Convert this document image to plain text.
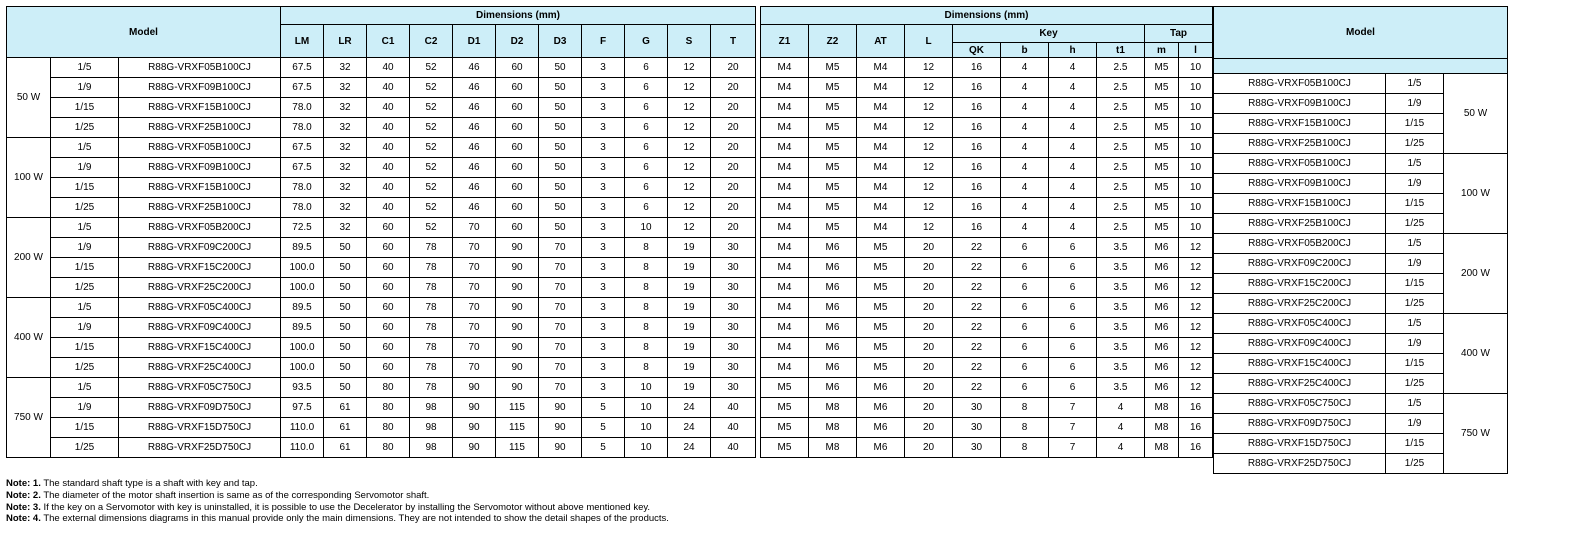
Model			Dimensions (mm)										
			LM	LR	C1	C2	D1	D2	D3	F	G	S	T
50 W	1/5	R88G-VRXF05B100CJ	67.5	32	40	52	46	60	50	3	6	12	20
	1/9	R88G-VRXF09B100CJ	67.5	32	40	52	46	60	50	3	6	12	20
	1/15	R88G-VRXF15B100CJ	78.0	32	40	52	46	60	50	3	6	12	20
	1/25	R88G-VRXF25B100CJ	78.0	32	40	52	46	60	50	3	6	12	20
100 W	1/5	R88G-VRXF05B100CJ	67.5	32	40	52	46	60	50	3	6	12	20
	1/9	R88G-VRXF09B100CJ	67.5	32	40	52	46	60	50	3	6	12	20
	1/15	R88G-VRXF15B100CJ	78.0	32	40	52	46	60	50	3	6	12	20
	1/25	R88G-VRXF25B100CJ	78.0	32	40	52	46	60	50	3	6	12	20
200 W	1/5	R88G-VRXF05B200CJ	72.5	32	60	52	70	60	50	3	10	12	20
	1/9	R88G-VRXF09C200CJ	89.5	50	60	78	70	90	70	3	8	19	30
	1/15	R88G-VRXF15C200CJ	100.0	50	60	78	70	90	70	3	8	19	30
	1/25	R88G-VRXF25C200CJ	100.0	50	60	78	70	90	70	3	8	19	30
400 W	1/5	R88G-VRXF05C400CJ	89.5	50	60	78	70	90	70	3	8	19	30
	1/9	R88G-VRXF09C400CJ	89.5	50	60	78	70	90	70	3	8	19	30
	1/15	R88G-VRXF15C400CJ	100.0	50	60	78	70	90	70	3	8	19	30
	1/25	R88G-VRXF25C400CJ	100.0	50	60	78	70	90	70	3	8	19	30
750 W	1/5	R88G-VRXF05C750CJ	93.5	50	80	78	90	90	70	3	10	19	30
	1/9	R88G-VRXF09D750CJ	97.5	61	80	98	90	115	90	5	10	24	40
	1/15	R88G-VRXF15D750CJ	110.0	61	80	98	90	115	90	5	10	24	40
	1/25	R88G-VRXF25D750CJ	110.0	61	80	98	90	115	90	5	10	24	40
Dimensions (mm)									
Z1	Z2	AT	L	Key				Tap	
				QK	b	h	t1	m	l
M4	M5	M4	12	16	4	4	2.5	M5	10
M4	M5	M4	12	16	4	4	2.5	M5	10
M4	M5	M4	12	16	4	4	2.5	M5	10
M4	M5	M4	12	16	4	4	2.5	M5	10
M4	M5	M4	12	16	4	4	2.5	M5	10
M4	M5	M4	12	16	4	4	2.5	M5	10
M4	M5	M4	12	16	4	4	2.5	M5	10
M4	M5	M4	12	16	4	4	2.5	M5	10
M4	M5	M4	12	16	4	4	2.5	M5	10
M4	M6	M5	20	22	6	6	3.5	M6	12
M4	M6	M5	20	22	6	6	3.5	M6	12
M4	M6	M5	20	22	6	6	3.5	M6	12
M4	M6	M5	20	22	6	6	3.5	M6	12
M4	M6	M5	20	22	6	6	3.5	M6	12
M4	M6	M5	20	22	6	6	3.5	M6	12
M4	M6	M5	20	22	6	6	3.5	M6	12
M5	M6	M6	20	22	6	6	3.5	M6	12
M5	M8	M6	20	30	8	7	4	M8	16
M5	M8	M6	20	30	8	7	4	M8	16
M5	M8	M6	20	30	8	7	4	M8	16
Model		

R88G-VRXF05B100CJ	1/5	50 W
R88G-VRXF09B100CJ	1/9	
R88G-VRXF15B100CJ	1/15	
R88G-VRXF25B100CJ	1/25	
R88G-VRXF05B100CJ	1/5	100 W
R88G-VRXF09B100CJ	1/9	
R88G-VRXF15B100CJ	1/15	
R88G-VRXF25B100CJ	1/25	
R88G-VRXF05B200CJ	1/5	200 W
R88G-VRXF09C200CJ	1/9	
R88G-VRXF15C200CJ	1/15	
R88G-VRXF25C200CJ	1/25	
R88G-VRXF05C400CJ	1/5	400 W
R88G-VRXF09C400CJ	1/9	
R88G-VRXF15C400CJ	1/15	
R88G-VRXF25C400CJ	1/25	
R88G-VRXF05C750CJ	1/5	750 W
R88G-VRXF09D750CJ	1/9	
R88G-VRXF15D750CJ	1/15	
R88G-VRXF25D750CJ	1/25	
Note: 1. The standard shaft type is a shaft with key and tap.
Note: 2. The diameter of the motor shaft insertion is same as of the corresponding Servomotor shaft.
Note: 3. If the key on a Servomotor with key is uninstalled, it is possible to use the Decelerator by installing the Servomotor without above mentioned key.
Note: 4. The external dimensions diagrams in this manual provide only the main dimensions. They are not intended to show the detail shapes of the products.
